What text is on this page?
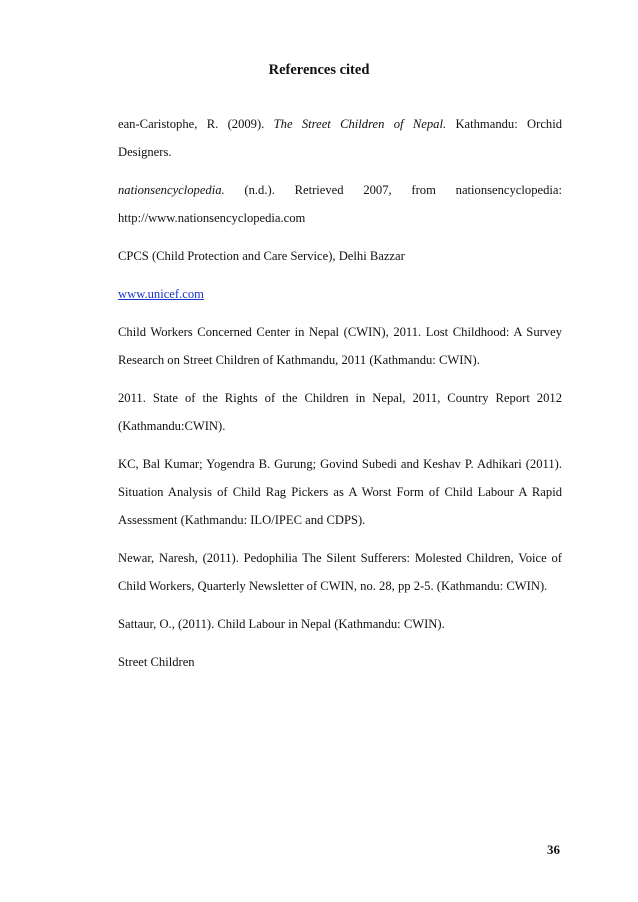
References cited

ean-Caristophe, R. (2009). The Street Children of Nepal. Kathmandu: Orchid Designers.

nationsencyclopedia. (n.d.). Retrieved 2007, from nationsencyclopedia:
http://www.nationsencyclopedia.com

CPCS (Child Protection and Care Service), Delhi Bazzar

www.unicef.com

Child Workers Concerned Center in Nepal (CWIN), 2011. Lost Childhood: A Survey Research on Street Children of Kathmandu, 2011 (Kathmandu: CWIN).

2011. State of the Rights of the Children in Nepal, 2011, Country Report 2012 (Kathmandu:CWIN).

KC, Bal Kumar; Yogendra B. Gurung; Govind Subedi and Keshav P. Adhikari (2011). Situation Analysis of Child Rag Pickers as A Worst Form of Child Labour A Rapid Assessment (Kathmandu: ILO/IPEC and CDPS).

Newar, Naresh, (2011). Pedophilia The Silent Sufferers: Molested Children, Voice of Child Workers, Quarterly Newsletter of CWIN, no. 28, pp 2-5. (Kathmandu: CWIN).

Sattaur, O., (2011). Child Labour in Nepal (Kathmandu: CWIN).

Street Children

36
